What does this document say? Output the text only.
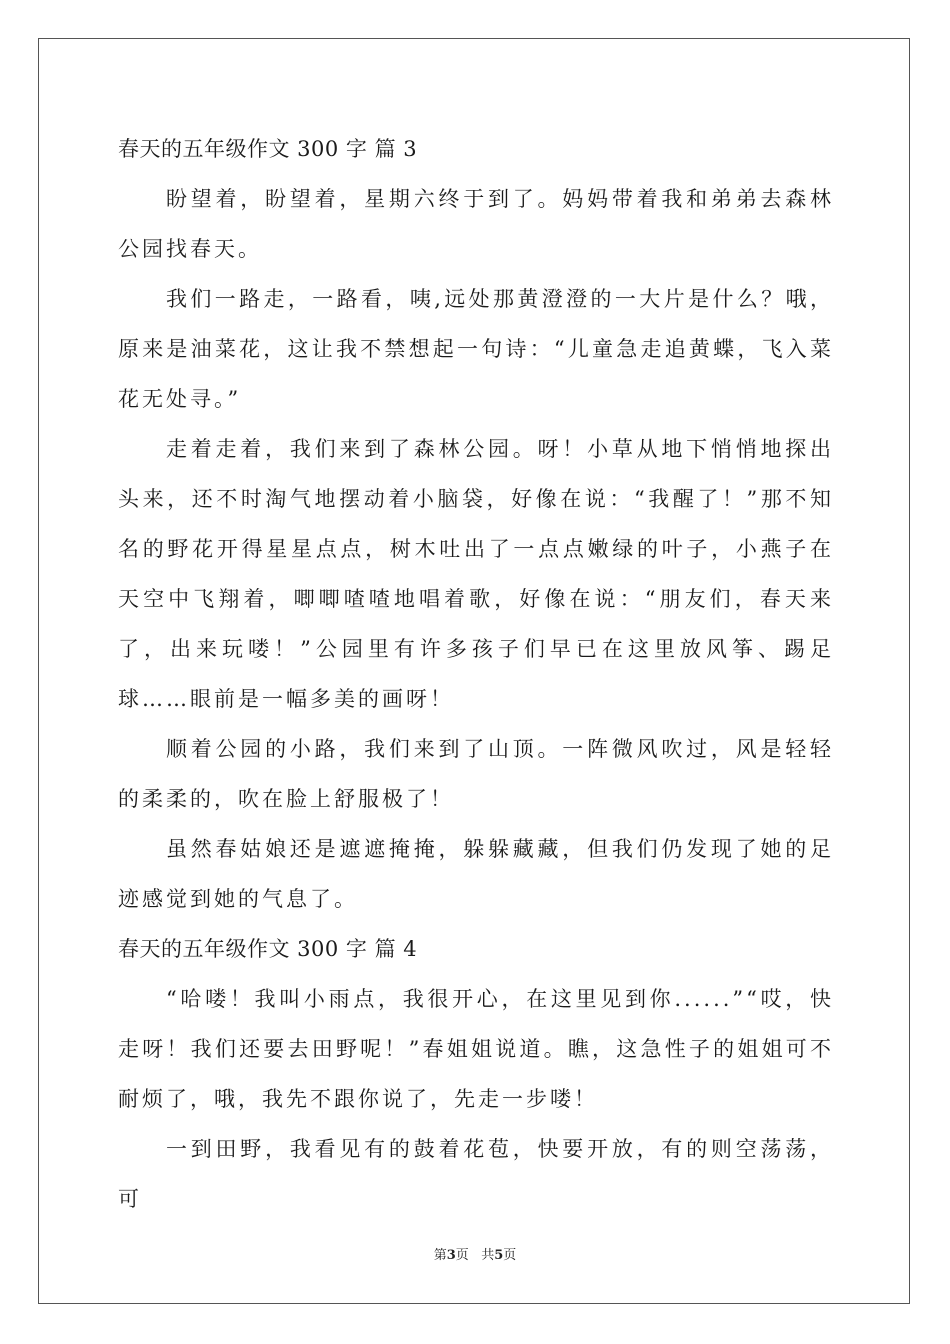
春天的五年级作文 300 字 篇 3

盼望着，盼望着，星期六终于到了。妈妈带着我和弟弟去森林公园找春天。

我们一路走，一路看，咦,远处那黄澄澄的一大片是什么？哦，原来是油菜花，这让我不禁想起一句诗：“儿童急走追黄蝶，飞入菜花无处寻。”

走着走着，我们来到了森林公园。呀！小草从地下悄悄地探出头来，还不时淘气地摆动着小脑袋，好像在说：“我醒了！”那不知名的野花开得星星点点，树木吐出了一点点嫩绿的叶子，小燕子在天空中飞翔着，唧唧喳喳地唱着歌，好像在说：“朋友们，春天来了，出来玩喽！”公园里有许多孩子们早已在这里放风筝、踢足球……眼前是一幅多美的画呀！

顺着公园的小路，我们来到了山顶。一阵微风吹过，风是轻轻的柔柔的，吹在脸上舒服极了！

虽然春姑娘还是遮遮掩掩，躲躲藏藏，但我们仍发现了她的足迹感觉到她的气息了。

春天的五年级作文 300 字 篇 4

“哈喽！我叫小雨点，我很开心，在这里见到你......”“哎，快走呀！我们还要去田野呢！”春姐姐说道。瞧，这急性子的姐姐可不耐烦了，哦，我先不跟你说了，先走一步喽！

一到田野，我看见有的鼓着花苞，快要开放，有的则空荡荡，可

第3页   共5页
